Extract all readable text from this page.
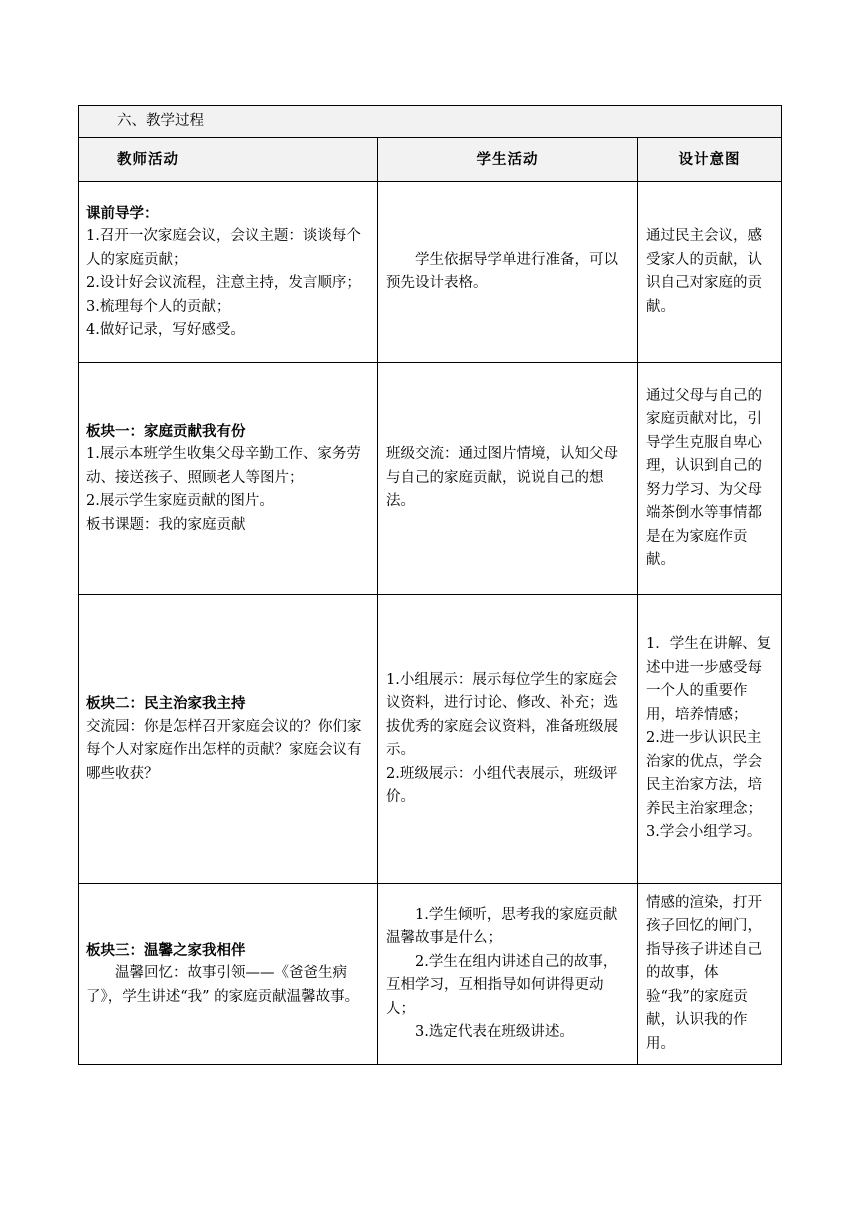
六、教学过程		
教师活动	学生活动	设计意图

课前导学：
1.召开一次家庭会议，会议主题：谈谈每个人的家庭贡献；
2.设计好会议流程，注意主持，发言顺序；
3.梳理每个人的贡献；
4.做好记录，写好感受。	学生依据导学单进行准备，可以预先设计表格。	通过民主会议，感受家人的贡献，认识自己对家庭的贡献。

板块一：家庭贡献我有份
1.展示本班学生收集父母辛勤工作、家务劳动、接送孩子、照顾老人等图片；
2.展示学生家庭贡献的图片。
板书课题：我的家庭贡献	班级交流：通过图片情境，认知父母与自己的家庭贡献，说说自己的想法。	通过父母与自己的家庭贡献对比，引导学生克服自卑心理，认识到自己的努力学习、为父母端茶倒水等事情都是在为家庭作贡献。

板块二：民主治家我主持
交流园：你是怎样召开家庭会议的？你们家每个人对家庭作出怎样的贡献？家庭会议有哪些收获？	1.小组展示：展示每位学生的家庭会议资料，进行讨论、修改、补充；选拔优秀的家庭会议资料，准备班级展示。
2.班级展示：小组代表展示，班级评价。	1．学生在讲解、复述中进一步感受每一个人的重要作用，培养情感；
2.进一步认识民主治家的优点，学会民主治家方法，培养民主治家理念；
3.学会小组学习。

板块三：温馨之家我相伴
温馨回忆：故事引领——《爸爸生病了》，学生讲述“我” 的家庭贡献温馨故事。	1.学生倾听，思考我的家庭贡献温馨故事是什么；
2.学生在组内讲述自己的故事，互相学习，互相指导如何讲得更动人；
3.选定代表在班级讲述。	情感的渲染，打开孩子回忆的闸门，指导孩子讲述自己的故事，体验“我”的家庭贡献，认识我的作用。
